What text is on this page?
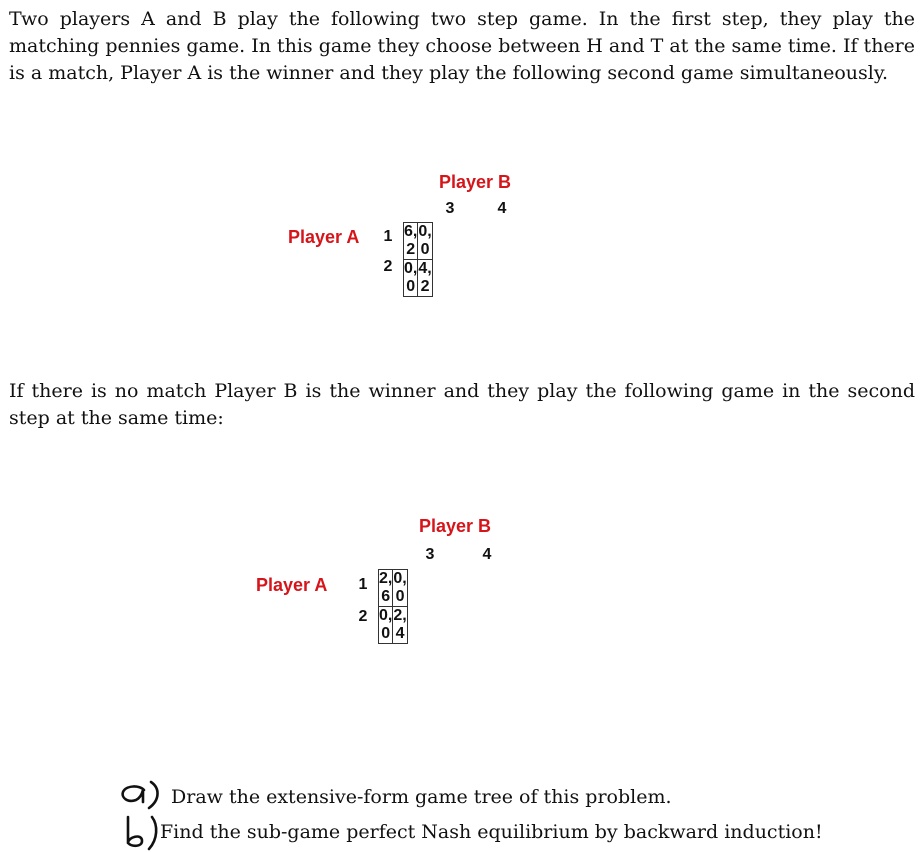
Two players A and B play the following two step game. In the first step, they play the matching pennies game. In this game they choose between H and T at the same time. If there is a match, Player A is the winner and they play the following second game simultaneously.
Player B
3	4
Player A 1
2
6, 2	0, 0
0, 0	4, 2
If there is no match Player B is the winner and they play the following game in the second step at the same time:
Player B
3	4
Player A 1
2
2, 6	0, 0
0, 0	2, 4
Draw the extensive-form game tree of this problem.
Find the sub-game perfect Nash equilibrium by backward induction!
